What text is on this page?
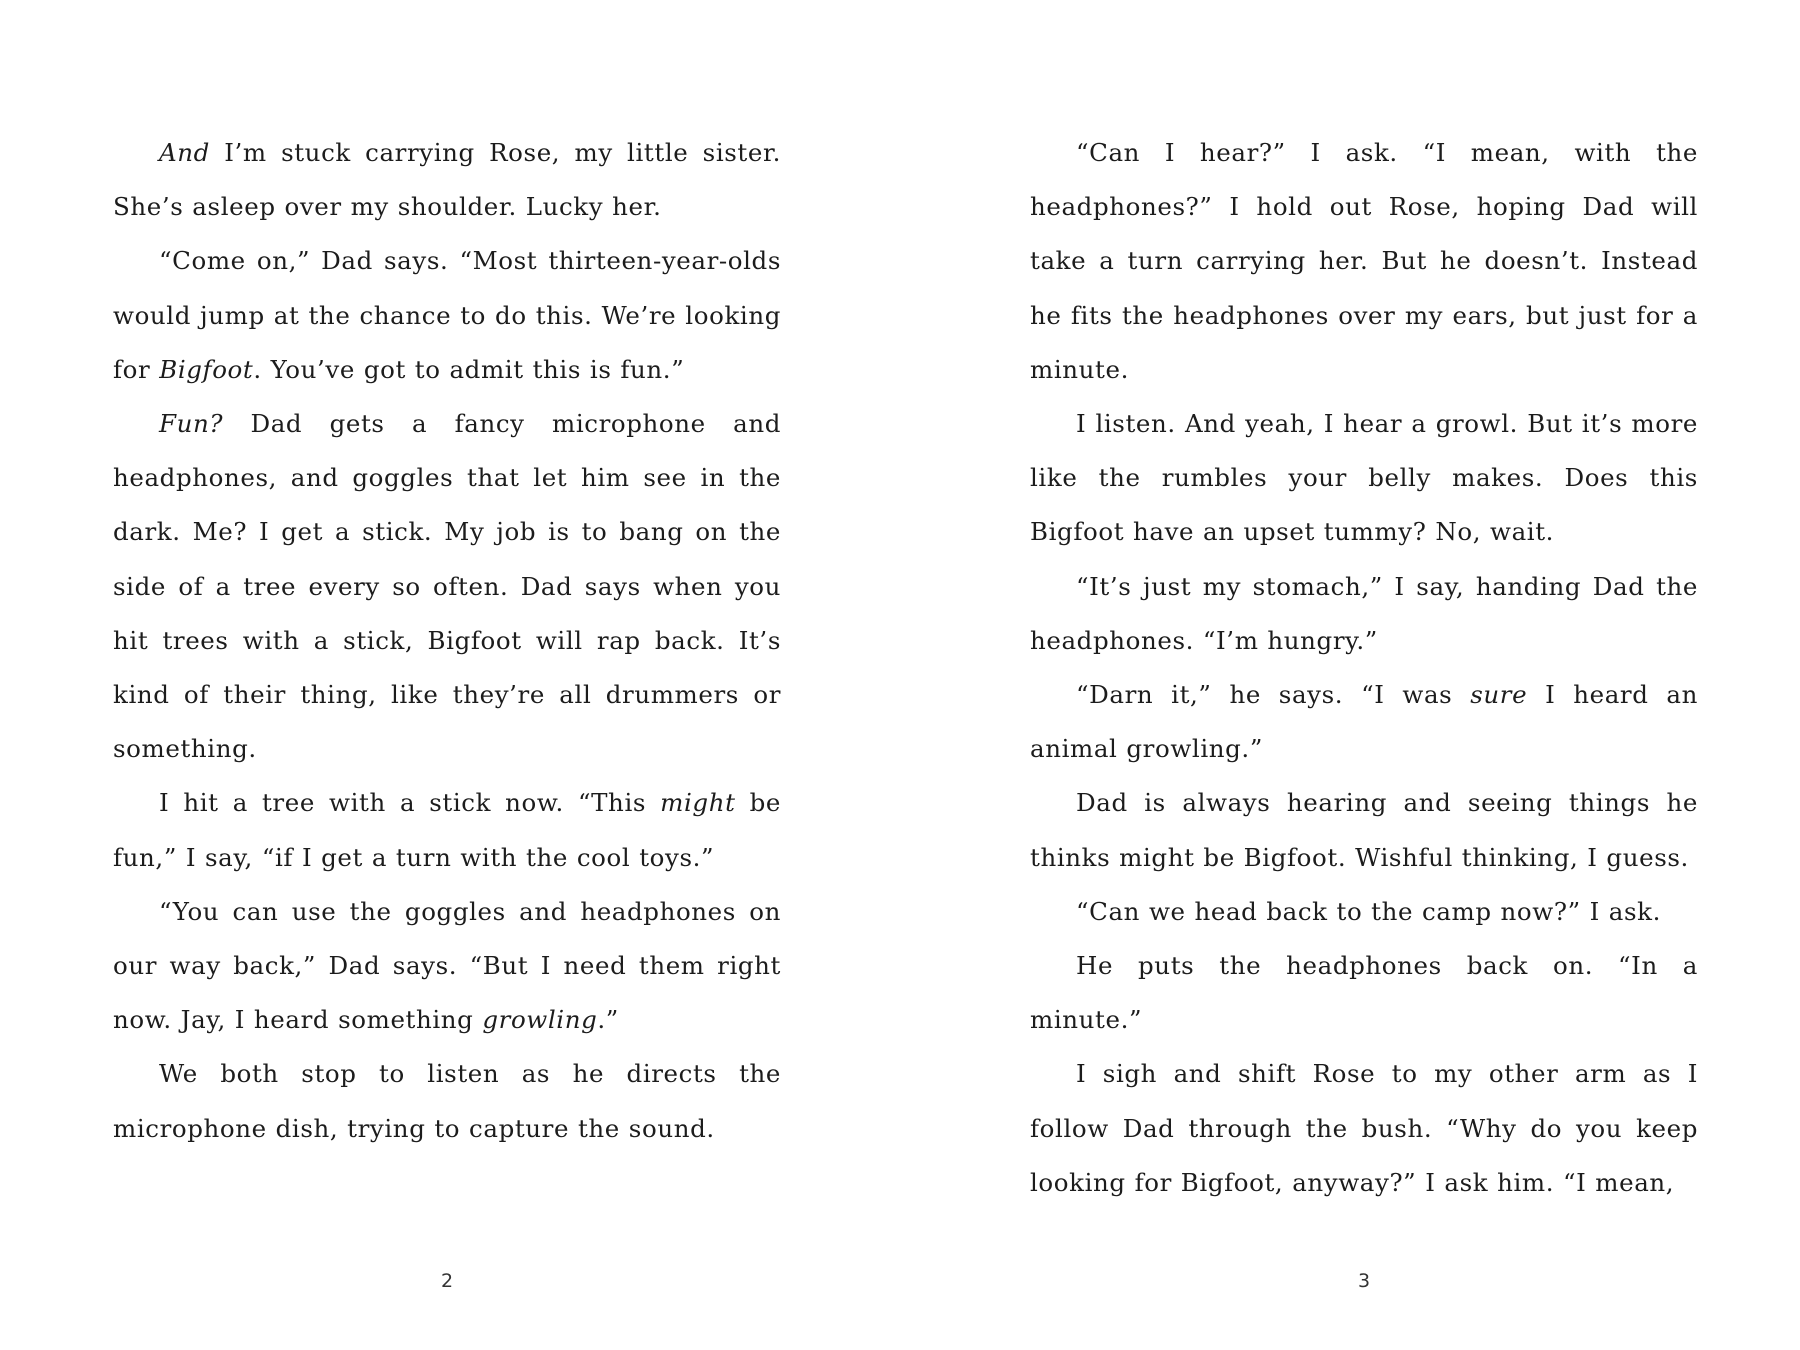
And I’m stuck carrying Rose, my little sister. She’s asleep over my shoulder. Lucky her.

“Come on,” Dad says. “Most thirteen-year-olds would jump at the chance to do this. We’re looking for Bigfoot. You’ve got to admit this is fun.”

Fun? Dad gets a fancy microphone and headphones, and goggles that let him see in the dark. Me? I get a stick. My job is to bang on the side of a tree every so often. Dad says when you hit trees with a stick, Bigfoot will rap back. It’s kind of their thing, like they’re all drummers or something.

I hit a tree with a stick now. “This might be fun,” I say, “if I get a turn with the cool toys.”

“You can use the goggles and headphones on our way back,” Dad says. “But I need them right now. Jay, I heard something growling.”

We both stop to listen as he directs the microphone dish, trying to capture the sound.

“Can I hear?” I ask. “I mean, with the headphones?” I hold out Rose, hoping Dad will take a turn carrying her. But he doesn’t. Instead he fits the headphones over my ears, but just for a minute.

I listen. And yeah, I hear a growl. But it’s more like the rumbles your belly makes. Does this Bigfoot have an upset tummy? No, wait.

“It’s just my stomach,” I say, handing Dad the headphones. “I’m hungry.”

“Darn it,” he says. “I was sure I heard an animal growling.”

Dad is always hearing and seeing things he thinks might be Bigfoot. Wishful thinking, I guess.

“Can we head back to the camp now?” I ask.

He puts the headphones back on. “In a minute.”

I sigh and shift Rose to my other arm as I follow Dad through the bush. “Why do you keep looking for Bigfoot, anyway?” I ask him. “I mean,

2	3
